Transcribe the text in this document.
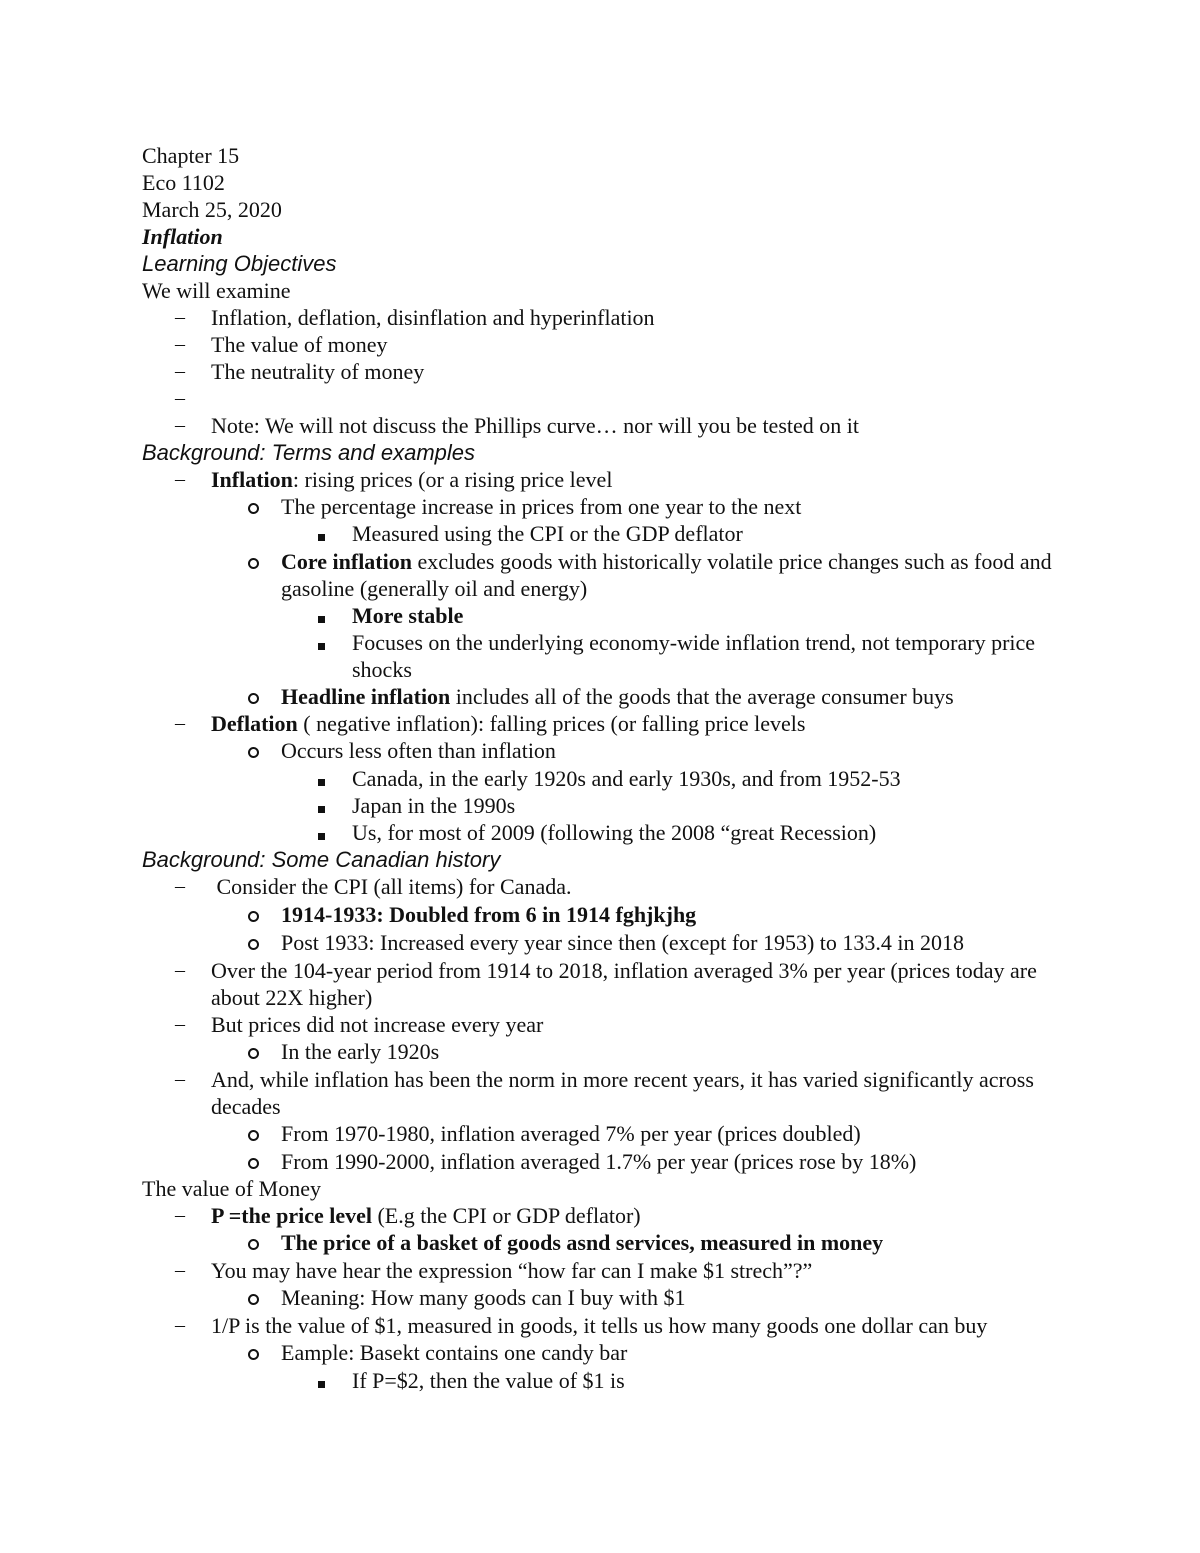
Chapter 15
Eco 1102
March 25, 2020
Inflation
Learning Objectives
We will examine
– Inflation, deflation, disinflation and hyperinflation
– The value of money
– The neutrality of money
–

– Note: We will not discuss the Phillips curve… nor will you be tested on it
Background: Terms and examples
– Inflation: rising prices (or a rising price level
The percentage increase in prices from one year to the next
Measured using the CPI or the GDP deflator
Core inflation excludes goods with historically volatile price changes such as food and gasoline (generally oil and energy)
More stable
Focuses on the underlying economy-wide inflation trend, not temporary price shocks
Headline inflation includes all of the goods that the average consumer buys
– Deflation ( negative inflation): falling prices (or falling price levels
Occurs less often than inflation
Canada, in the early 1920s and early 1930s, and from 1952-53
Japan in the 1990s
Us, for most of 2009 (following the 2008 “great Recession)
Background: Some Canadian history
– Consider the CPI (all items) for Canada.
1914-1933: Doubled from 6 in 1914 fghjkjhg
Post 1933: Increased every year since then (except for 1953) to 133.4 in 2018
– Over the 104-year period from 1914 to 2018, inflation averaged 3% per year (prices today are about 22X higher)
– But prices did not increase every year
In the early 1920s
– And, while inflation has been the norm in more recent years, it has varied significantly across decades
From 1970-1980, inflation averaged 7% per year (prices doubled)
From 1990-2000, inflation averaged 1.7% per year (prices rose by 18%)
The value of Money
– P =the price level (E.g the CPI or GDP deflator)
The price of a basket of goods asnd services, measured in money
– You may have hear the expression “how far can I make $1 strech”?”
Meaning: How many goods can I buy with $1
– 1/P is the value of $1, measured in goods, it tells us how many goods one dollar can buy
Eample: Basekt contains one candy bar
If P=$2, then the value of $1 is
